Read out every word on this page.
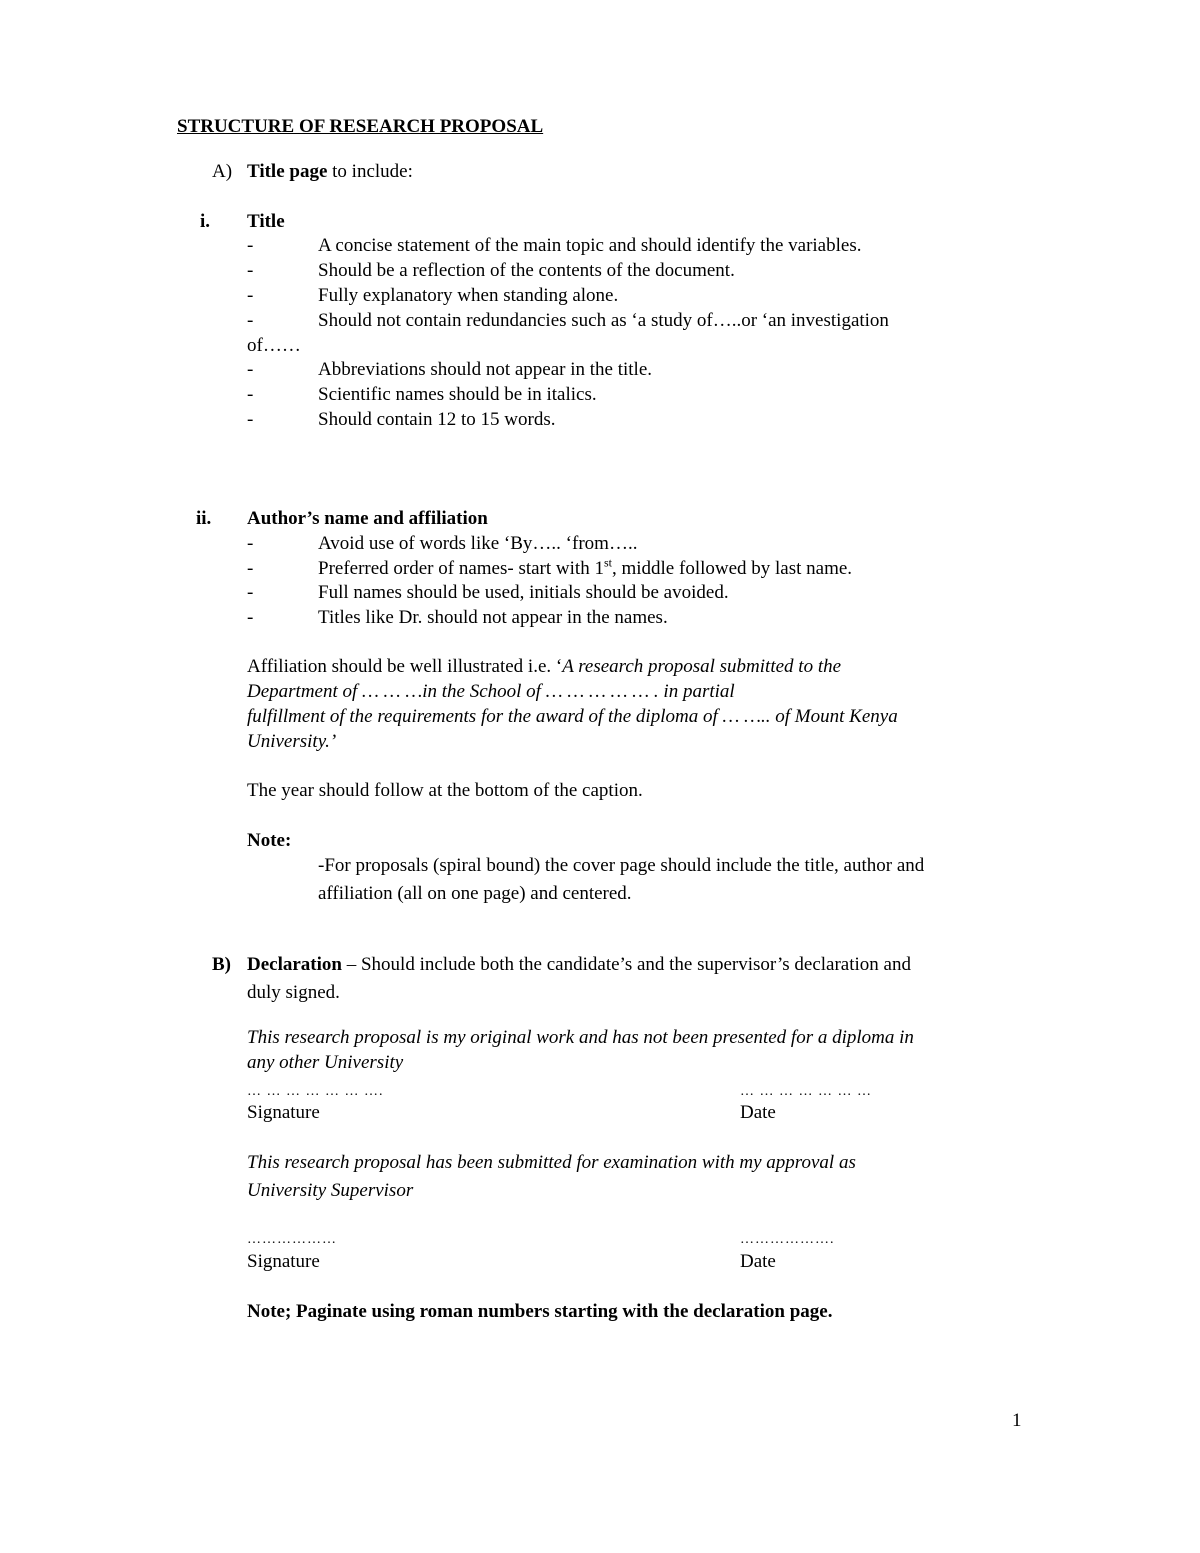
STRUCTURE OF RESEARCH PROPOSAL
A) Title page to include:
i. Title
-	A concise statement of the main topic and should identify the variables.
-	Should be a reflection of the contents of the document.
-	Fully explanatory when standing alone.
-	Should not contain redundancies such as ‘a study of…..or ‘an investigation
of……
-	Abbreviations should not appear in the title.
-	Scientific names should be in italics.
-	Should contain 12 to 15 words.
ii. Author’s name and affiliation
-	Avoid use of words like ‘By….. ‘from…..
-	Preferred order of names- start with 1st, middle followed by last name.
-	Full names should be used, initials should be avoided.
-	Titles like Dr. should not appear in the names.
Affiliation should be well illustrated i.e. ‘A research proposal submitted to the
Department of … … …in the School of … … … … … . in partial
fulfillment of the requirements for the award of the diploma of … ….. of Mount Kenya
University.’
The year should follow at the bottom of the caption.
Note:
-For proposals (spiral bound) the cover page should include the title, author and
affiliation (all on one page) and centered.
B) Declaration – Should include both the candidate’s and the supervisor’s declaration and
duly signed.
This research proposal is my original work and has not been presented for a diploma in
any other University
… … … … … … ….	… … … … … … …
Signature	Date
This research proposal has been submitted for examination with my approval as
University Supervisor
………………	……………….
Signature	Date
Note; Paginate using roman numbers starting with the declaration page.
1
